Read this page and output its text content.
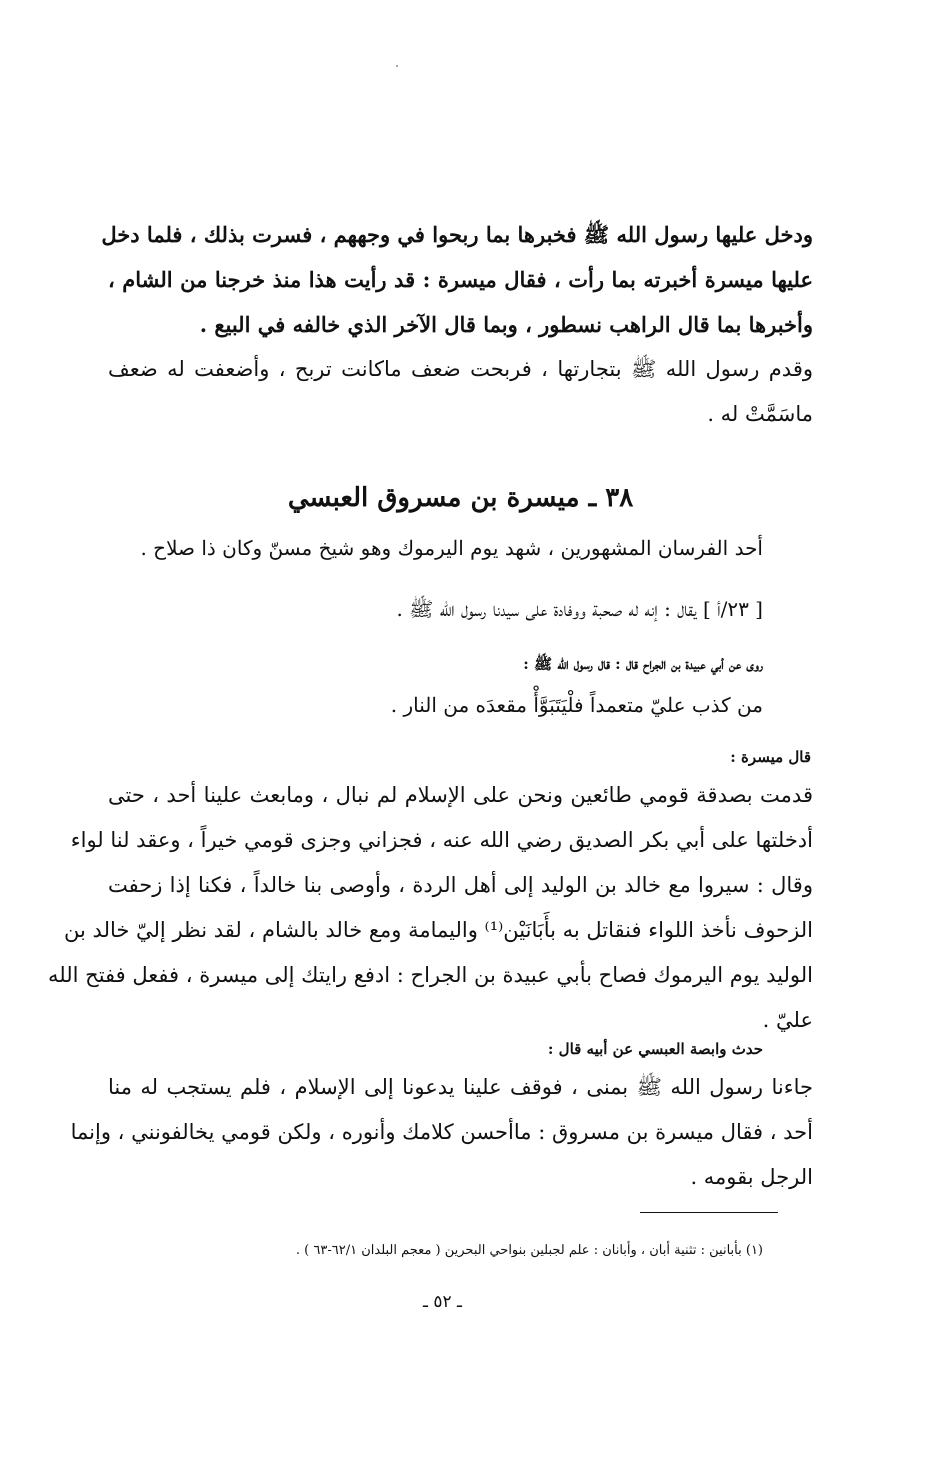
ودخل عليها رسول الله ﷺ فخبرها بما ربحوا في وجههم ، فسرت بذلك ، فلما دخل
عليها ميسرة أخبرته بما رأت ، فقال ميسرة : قد رأيت هذا منذ خرجنا من الشام ،
وأخبرها بما قال الراهب نسطور ، وبما قال الآخر الذي خالفه في البيع .
وقدم رسول الله ﷺ بتجارتها ، فربحت ضعف ماكانت تربح ، وأضعفت له ضعف
ماسَمَّتْ له .
٣٨ ـ ميسرة بن مسروق العبسي
أحد الفرسان المشهورين ، شهد يوم اليرموك وهو شيخ مسنّ وكان ذا صلاح .
[ ٢٣/أ ] يقال : إنه له صحبة ووفادة على سيدنا رسول الله ﷺ .
روى عن أبي عبيدة بن الجراح قال : قال رسول الله ﷺ :
من كذب عليّ متعمداً فلْيَتَبَوَّأْ مقعدَه من النار .
قال ميسرة :
قدمت بصدقة قومي طائعين ونحن على الإسلام لم نبال ، ومابعث علينا أحد ، حتى
أدخلتها على أبي بكر الصديق رضي الله عنه ، فجزاني وجزى قومي خيراً ، وعقد لنا لواء
وقال : سيروا مع خالد بن الوليد إلى أهل الردة ، وأوصى بنا خالداً ، فكنا إذا زحفت
الزحوف نأخذ اللواء فنقاتل به بأَبَانَيْن⁽¹⁾ واليمامة ومع خالد بالشام ، لقد نظر إليّ خالد بن
الوليد يوم اليرموك فصاح بأبي عبيدة بن الجراح : ادفع رايتك إلى ميسرة ، ففعل ففتح الله
عليّ .
حدث وابصة العبسي عن أبيه قال :
جاءنا رسول الله ﷺ بمنى ، فوقف علينا يدعونا إلى الإسلام ، فلم يستجب له منا
أحد ، فقال ميسرة بن مسروق : ماأحسن كلامك وأنوره ، ولكن قومي يخالفونني ، وإنما
الرجل بقومه .
(١) بأبانين : تثنية أبان ، وأبانان : علم لجبلين بنواحي البحرين ( معجم البلدان ٦٢/١-٦٣ ) .
ـ ٥٢ ـ
